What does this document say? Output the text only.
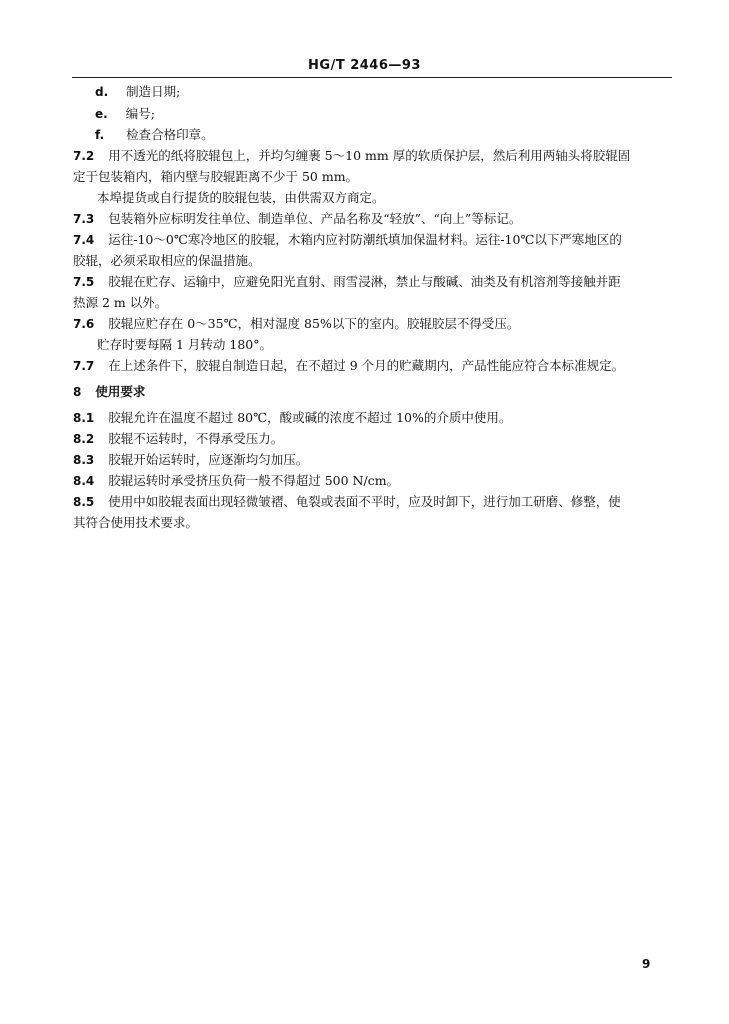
HG/T 2446—93
d. 制造日期;
e. 编号;
f. 检查合格印章。
7.2 用不透光的纸将胶辊包上，并均匀缠裹 5～10 mm 厚的软质保护层，然后利用两轴头将胶辊固
定于包装箱内，箱内壁与胶辊距离不少于 50 mm。
本埠提货或自行提货的胶辊包装，由供需双方商定。
7.3 包装箱外应标明发往单位、制造单位、产品名称及“轻放”、“向上”等标记。
7.4 运往-10～0℃寒冷地区的胶辊，木箱内应衬防潮纸填加保温材料。运往-10℃以下严寒地区的
胶辊，必须采取相应的保温措施。
7.5 胶辊在贮存、运输中，应避免阳光直射、雨雪浸淋，禁止与酸碱、油类及有机溶剂等接触并距
热源 2 m 以外。
7.6 胶辊应贮存在 0～35℃，相对湿度 85%以下的室内。胶辊胶层不得受压。
贮存时要每隔 1 月转动 180°。
7.7 在上述条件下，胶辊自制造日起，在不超过 9 个月的贮藏期内，产品性能应符合本标准规定。
8 使用要求
8.1 胶辊允许在温度不超过 80℃，酸或碱的浓度不超过 10%的介质中使用。
8.2 胶辊不运转时，不得承受压力。
8.3 胶辊开始运转时，应逐渐均匀加压。
8.4 胶辊运转时承受挤压负荷一般不得超过 500 N/cm。
8.5 使用中如胶辊表面出现轻微皱褶、龟裂或表面不平时，应及时卸下，进行加工研磨、修整，使
其符合使用技术要求。
9
